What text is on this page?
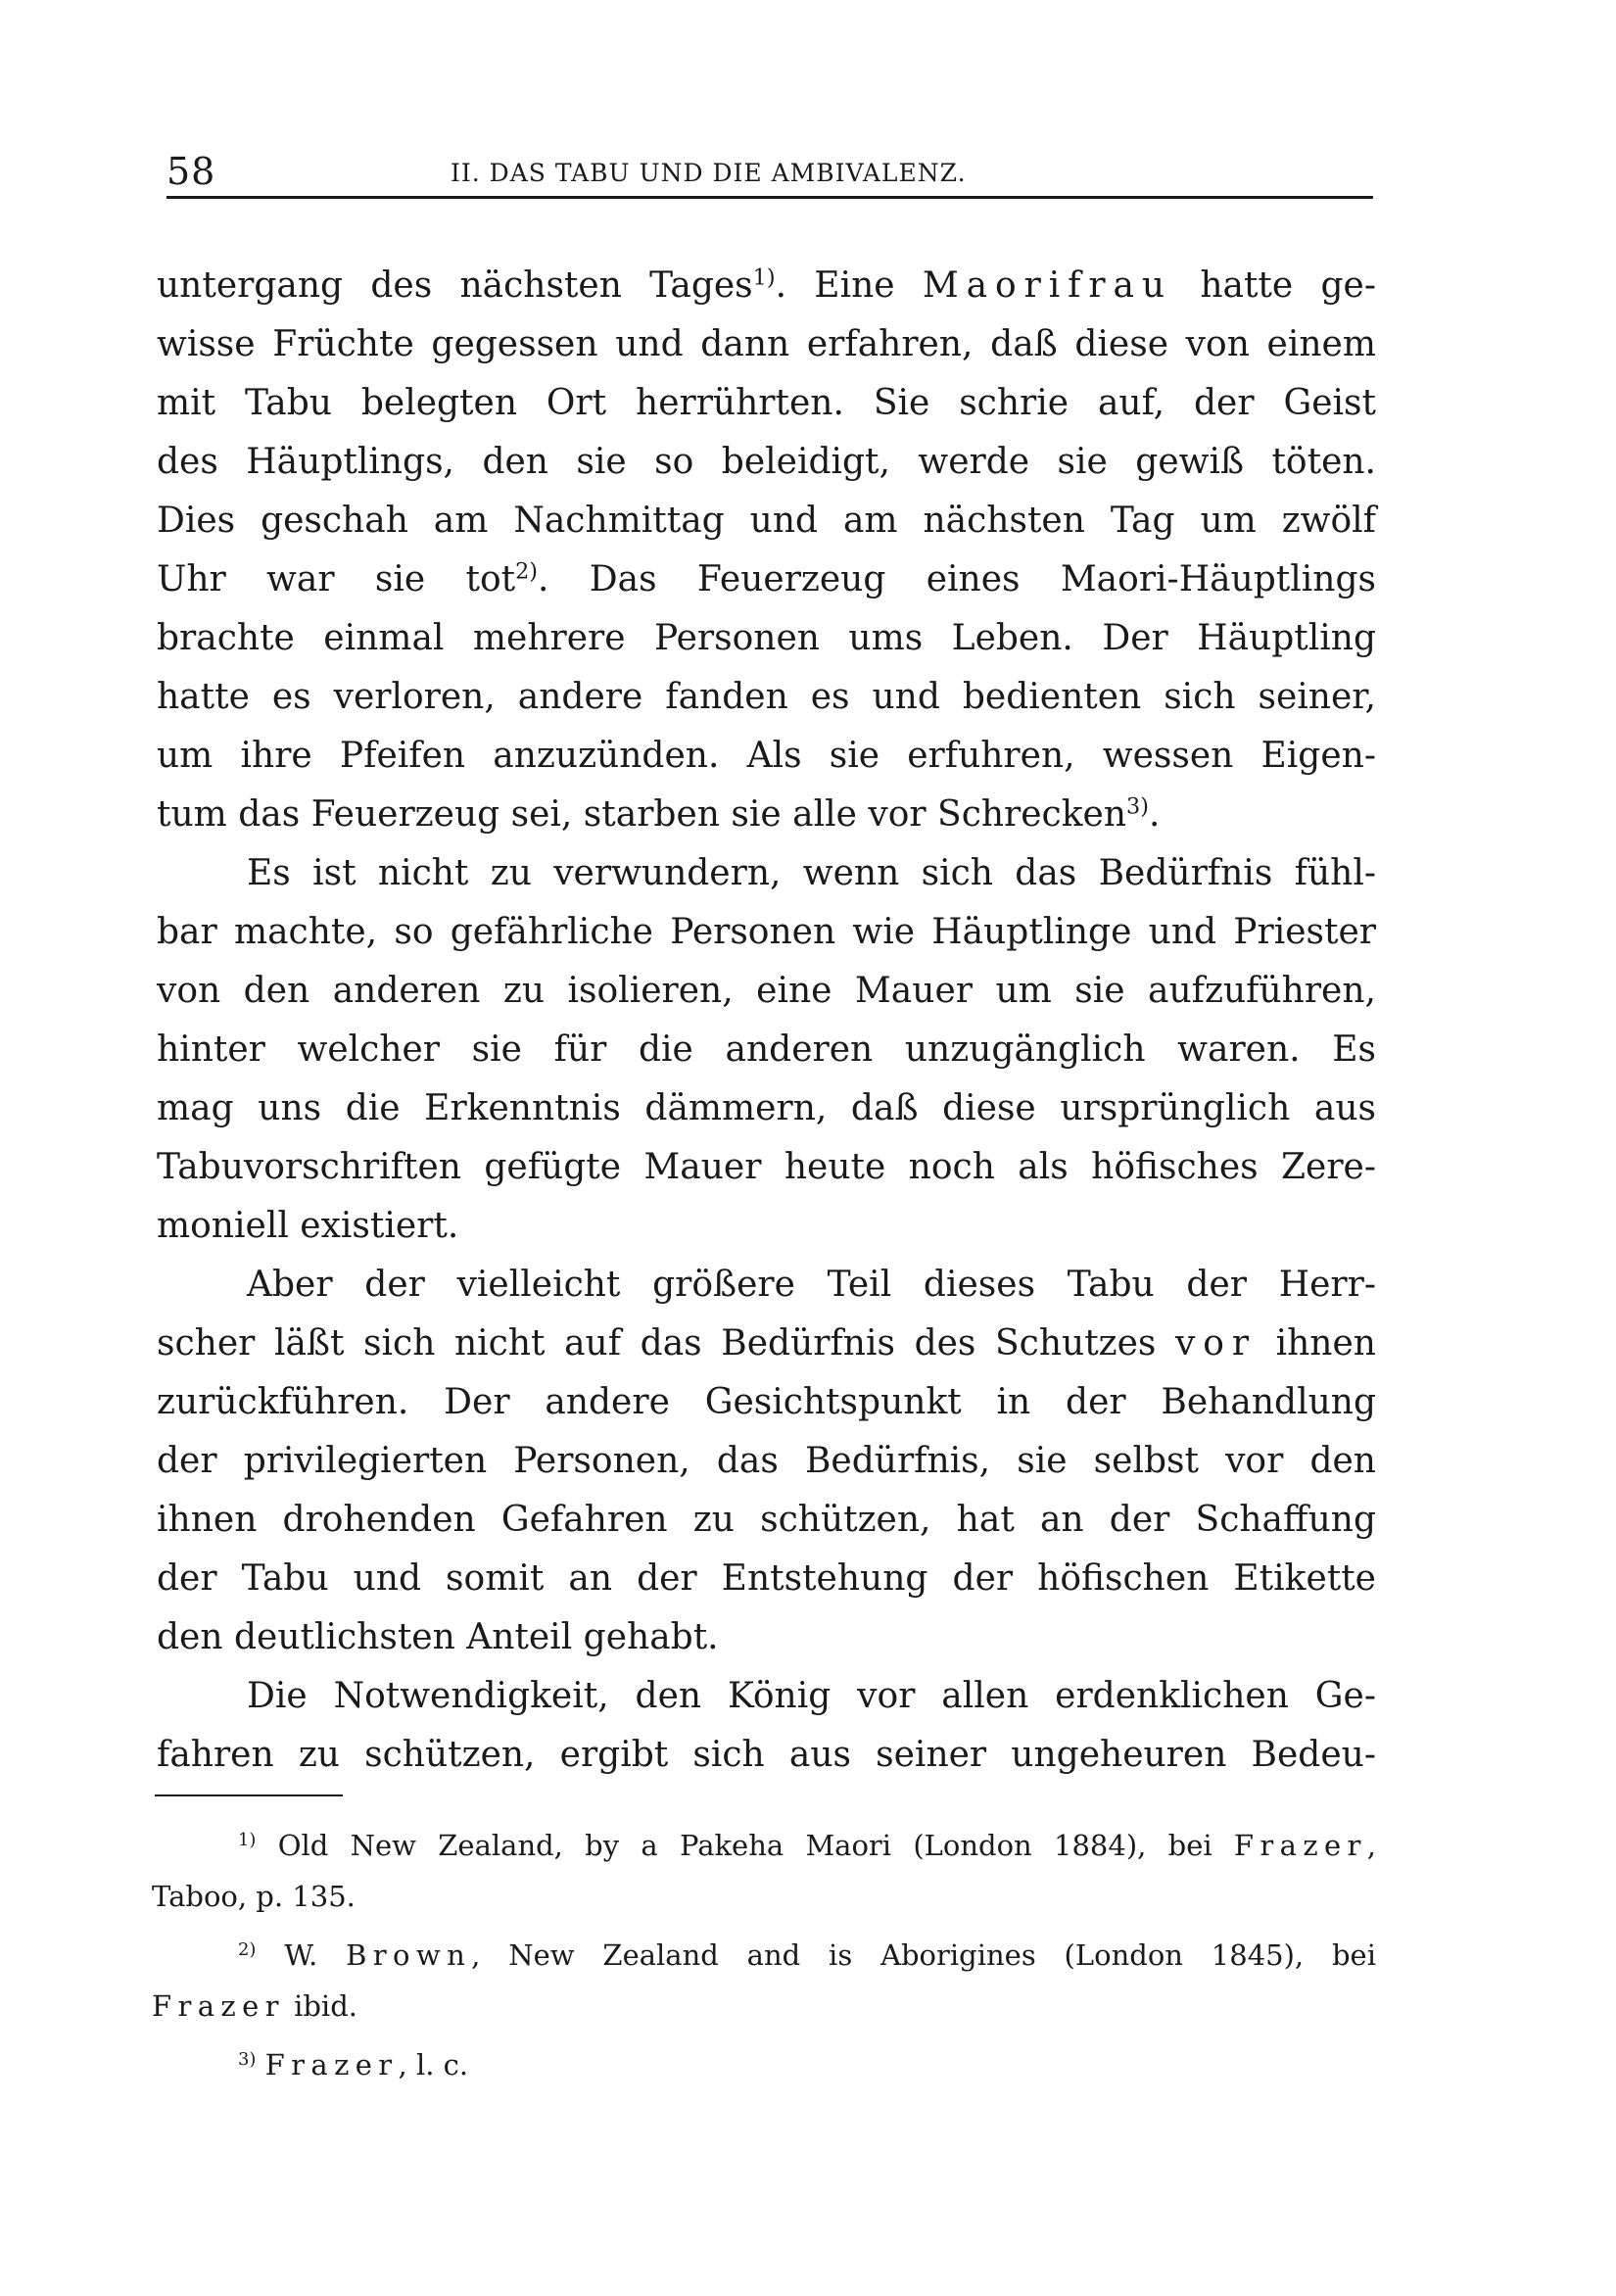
58	II. DAS TABU UND DIE AMBIVALENZ.
untergang des nächsten Tages$^{1)}$. Eine Maorifrau hatte ge-
wisse Früchte gegessen und dann erfahren, daß diese von einem
mit Tabu belegten Ort herrührten. Sie schrie auf, der Geist
des Häuptlings, den sie so beleidigt, werde sie gewiß töten.
Dies geschah am Nachmittag und am nächsten Tag um zwölf
Uhr war sie tot$^{2)}$. Das Feuerzeug eines Maori-Häuptlings
brachte einmal mehrere Personen ums Leben. Der Häuptling
hatte es verloren, andere fanden es und bedienten sich seiner,
um ihre Pfeifen anzuzünden. Als sie erfuhren, wessen Eigen-
tum das Feuerzeug sei, starben sie alle vor Schrecken$^{3)}$.
Es ist nicht zu verwundern, wenn sich das Bedürfnis fühl-
bar machte, so gefährliche Personen wie Häuptlinge und Priester
von den anderen zu isolieren, eine Mauer um sie aufzuführen,
hinter welcher sie für die anderen unzugänglich waren. Es
mag uns die Erkenntnis dämmern, daß diese ursprünglich aus
Tabuvorschriften gefügte Mauer heute noch als höfisches Zere-
moniell existiert.
Aber der vielleicht größere Teil dieses Tabu der Herr-
scher läßt sich nicht auf das Bedürfnis des Schutzes vor ihnen
zurückführen. Der andere Gesichtspunkt in der Behandlung
der privilegierten Personen, das Bedürfnis, sie selbst vor den
ihnen drohenden Gefahren zu schützen, hat an der Schaffung
der Tabu und somit an der Entstehung der höfischen Etikette
den deutlichsten Anteil gehabt.
Die Notwendigkeit, den König vor allen erdenklichen Ge-
fahren zu schützen, ergibt sich aus seiner ungeheuren Bedeu-
$^{1)}$ Old New Zealand, by a Pakeha Maori (London 1884), bei Frazer,
Taboo, p. 135.
$^{2)}$ W. Brown, New Zealand and is Aborigines (London 1845), bei
Frazer ibid.
$^{3)}$ Frazer, l. c.
